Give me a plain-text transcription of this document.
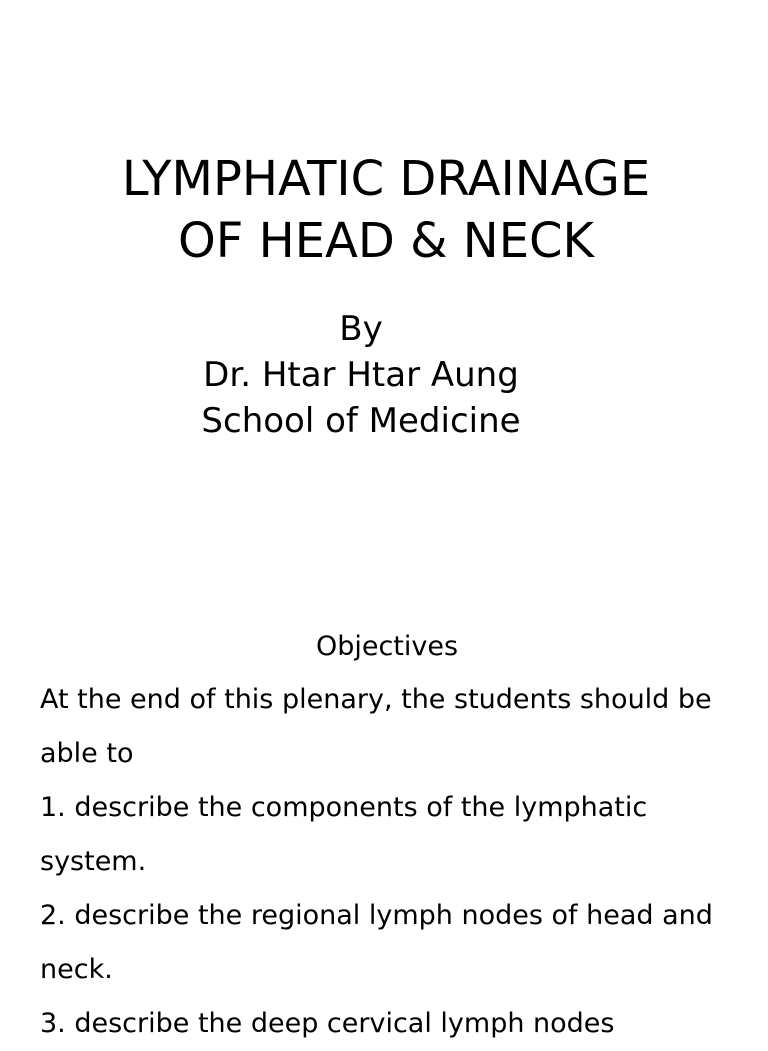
LYMPHATIC DRAINAGE
OF HEAD & NECK
By
Dr. Htar Htar Aung
School of Medicine
Objectives

At the end of this plenary, the students should be able to

1. describe the components of the lymphatic system.

2. describe the regional lymph nodes of head and neck.

3. describe the deep cervical lymph nodes
